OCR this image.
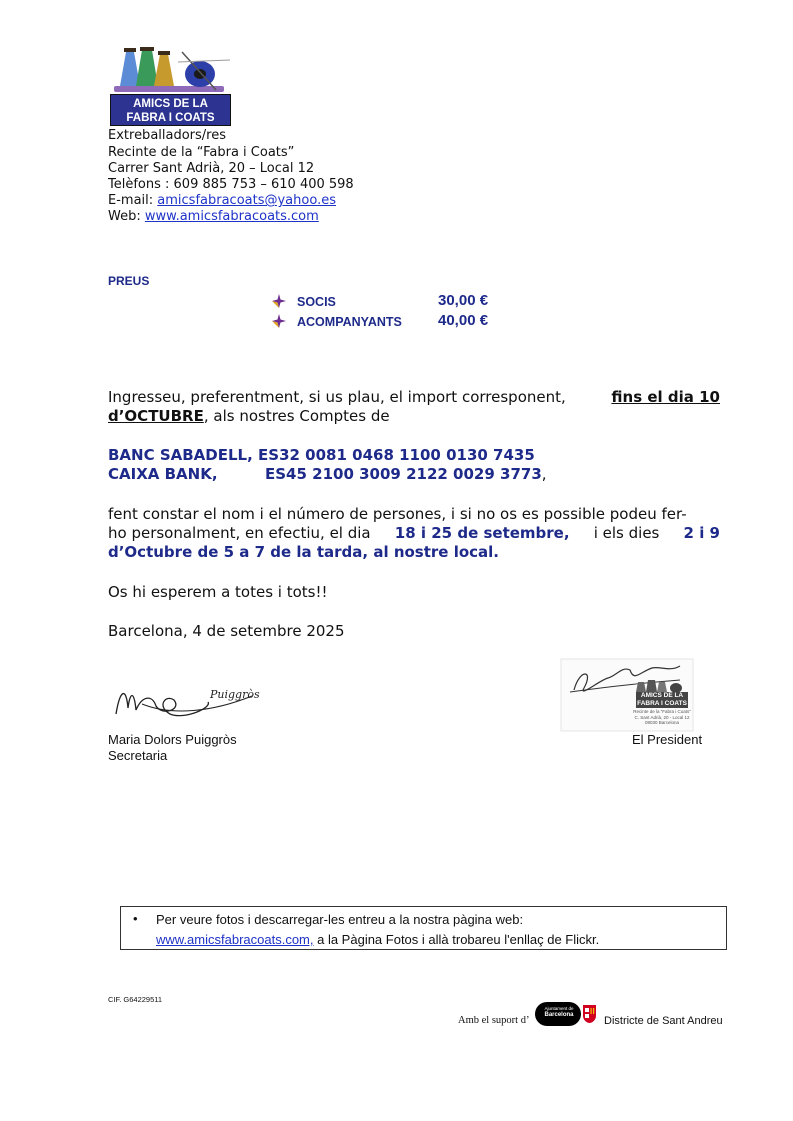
AMICS DE LA
FABRA I COATS
Extreballadors/res
Recinte de la “Fabra i Coats”
Carrer Sant Adrià, 20 – Local 12
Telèfons : 609 885 753 – 610 400 598
E-mail: amicsfabracoats@yahoo.es
Web: www.amicsfabracoats.com
PREUS
SOCIS	30,00 €
ACOMPANYANTS 40,00 €
Ingresseu, preferentment, si us plau, el import corresponent,	fins el dia 10
d’OCTUBRE, als nostres Comptes de
BANC SABADELL, ES32 0081 0468 1100 0130 7435
CAIXA BANK,	ES45 2100 3009 2122 0029 3773,
fent constar el nom i el número de persones, i si no os es possible podeu fer-
ho personalment, en efectiu, el dia 18 i 25 de setembre, i els dies 2 i 9
d’Octubre de 5 a 7 de la tarda, al nostre local.
Os hi esperem a totes i tots!!
Barcelona, 4 de setembre 2025
Puiggròs
Maria Dolors Puiggròs
Secretaria
AMICS DE LA
FABRA I COATS
Recinte de la “Fabra i Coats”
C. Sant Adrià, 20 - Local 12
08030 Barcelona
El President
• Per veure fotos i descarregar-les entreu a la nostra pàgina web:
www.amicsfabracoats.com, a la Pàgina Fotos i allà trobareu l'enllaç de Flickr.
CIF. G64229511
Amb el suport d’
Ajuntament de
Barcelona	Districte de Sant Andreu
